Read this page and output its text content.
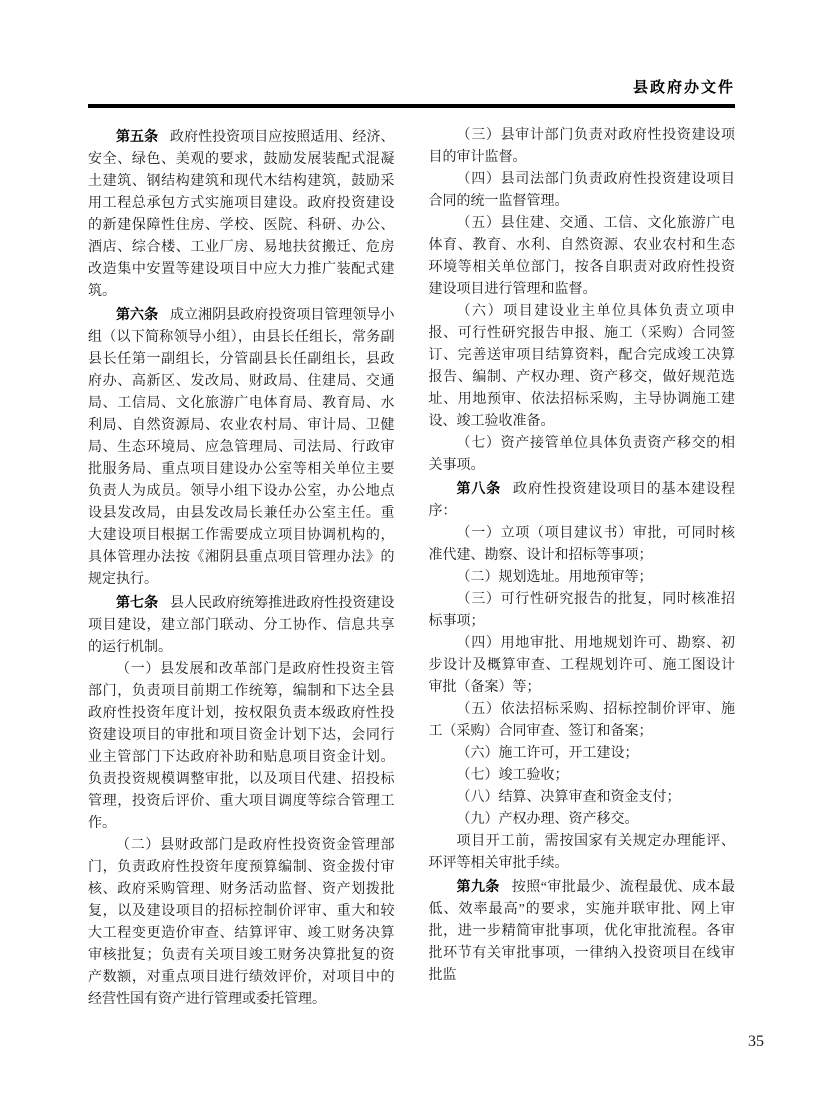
县政府办文件

第五条 政府性投资项目应按照适用、经济、安全、绿色、美观的要求，鼓励发展装配式混凝土建筑、钢结构建筑和现代木结构建筑，鼓励采用工程总承包方式实施项目建设。政府投资建设的新建保障性住房、学校、医院、科研、办公、酒店、综合楼、工业厂房、易地扶贫搬迁、危房改造集中安置等建设项目中应大力推广装配式建筑。

第六条 成立湘阴县政府投资项目管理领导小组（以下简称领导小组），由县长任组长，常务副县长任第一副组长，分管副县长任副组长，县政府办、高新区、发改局、财政局、住建局、交通局、工信局、文化旅游广电体育局、教育局、水利局、自然资源局、农业农村局、审计局、卫健局、生态环境局、应急管理局、司法局、行政审批服务局、重点项目建设办公室等相关单位主要负责人为成员。领导小组下设办公室，办公地点设县发改局，由县发改局长兼任办公室主任。重大建设项目根据工作需要成立项目协调机构的，具体管理办法按《湘阴县重点项目管理办法》的规定执行。

第七条 县人民政府统筹推进政府性投资建设项目建设，建立部门联动、分工协作、信息共享的运行机制。

（一）县发展和改革部门是政府性投资主管部门，负责项目前期工作统筹，编制和下达全县政府性投资年度计划，按权限负责本级政府性投资建设项目的审批和项目资金计划下达，会同行业主管部门下达政府补助和贴息项目资金计划。负责投资规模调整审批，以及项目代建、招投标管理，投资后评价、重大项目调度等综合管理工作。

（二）县财政部门是政府性投资资金管理部门，负责政府性投资年度预算编制、资金拨付审核、政府采购管理、财务活动监督、资产划拨批复，以及建设项目的招标控制价评审、重大和较大工程变更造价审查、结算评审、竣工财务决算审核批复；负责有关项目竣工财务决算批复的资产数额，对重点项目进行绩效评价，对项目中的经营性国有资产进行管理或委托管理。

（三）县审计部门负责对政府性投资建设项目的审计监督。

（四）县司法部门负责政府性投资建设项目合同的统一监督管理。

（五）县住建、交通、工信、文化旅游广电体育、教育、水利、自然资源、农业农村和生态环境等相关单位部门，按各自职责对政府性投资建设项目进行管理和监督。

（六）项目建设业主单位具体负责立项申报、可行性研究报告申报、施工（采购）合同签订、完善送审项目结算资料，配合完成竣工决算报告、编制、产权办理、资产移交，做好规范选址、用地预审、依法招标采购，主导协调施工建设、竣工验收准备。

（七）资产接管单位具体负责资产移交的相关事项。

第八条 政府性投资建设项目的基本建设程序：

（一）立项（项目建议书）审批，可同时核准代建、勘察、设计和招标等事项；

（二）规划选址。用地预审等；

（三）可行性研究报告的批复，同时核准招标事项；

（四）用地审批、用地规划许可、勘察、初步设计及概算审查、工程规划许可、施工图设计审批（备案）等；

（五）依法招标采购、招标控制价评审、施工（采购）合同审查、签订和备案；

（六）施工许可，开工建设；

（七）竣工验收；

（八）结算、决算审查和资金支付；

（九）产权办理、资产移交。

项目开工前，需按国家有关规定办理能评、环评等相关审批手续。

第九条 按照“审批最少、流程最优、成本最低、效率最高”的要求，实施并联审批、网上审批，进一步精简审批事项，优化审批流程。各审批环节有关审批事项，一律纳入投资项目在线审批监

35
